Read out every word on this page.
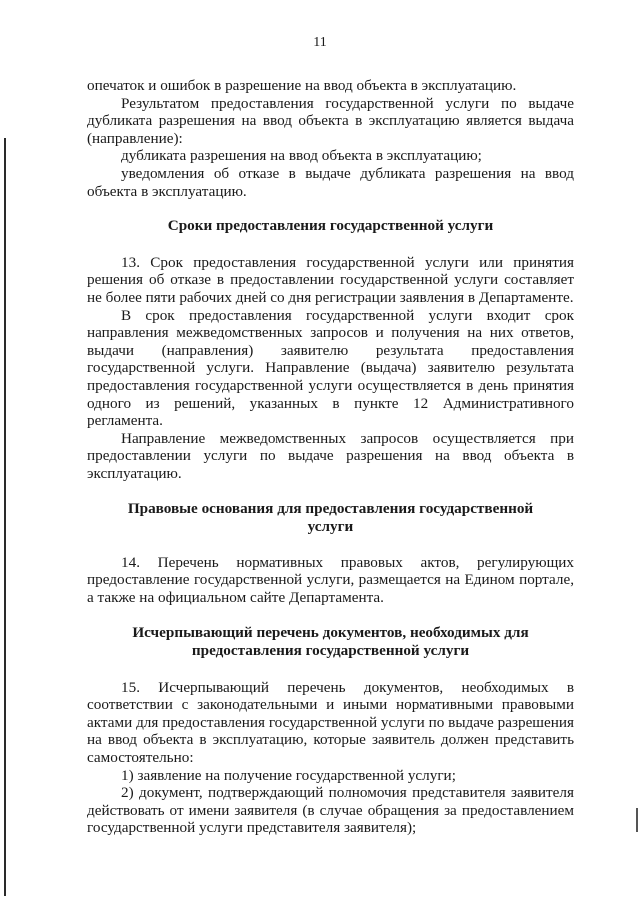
11

опечаток и ошибок в разрешение на ввод объекта в эксплуатацию.

Результатом предоставления государственной услуги по выдаче дубликата разрешения на ввод объекта в эксплуатацию является выдача (направление):

дубликата разрешения на ввод объекта в эксплуатацию;

уведомления об отказе в выдаче дубликата разрешения на ввод объекта в эксплуатацию.

Сроки предоставления государственной услуги

13. Срок предоставления государственной услуги или принятия решения об отказе в предоставлении государственной услуги составляет не более пяти рабочих дней со дня регистрации заявления в Департаменте.

В срок предоставления государственной услуги входит срок направления межведомственных запросов и получения на них ответов, выдачи (направления) заявителю результата предоставления государственной услуги. Направление (выдача) заявителю результата предоставления государственной услуги осуществляется в день принятия одного из решений, указанных в пункте 12 Административного регламента.

Направление межведомственных запросов осуществляется при предоставлении услуги по выдаче разрешения на ввод объекта в эксплуатацию.

Правовые основания для предоставления государственной услуги

14. Перечень нормативных правовых актов, регулирующих предоставление государственной услуги, размещается на Едином портале, а также на официальном сайте Департамента.

Исчерпывающий перечень документов, необходимых для предоставления государственной услуги

15. Исчерпывающий перечень документов, необходимых в соответствии с законодательными и иными нормативными правовыми актами для предоставления государственной услуги по выдаче разрешения на ввод объекта в эксплуатацию, которые заявитель должен представить самостоятельно:

1) заявление на получение государственной услуги;

2) документ, подтверждающий полномочия представителя заявителя действовать от имени заявителя (в случае обращения за предоставлением государственной услуги представителя заявителя);
